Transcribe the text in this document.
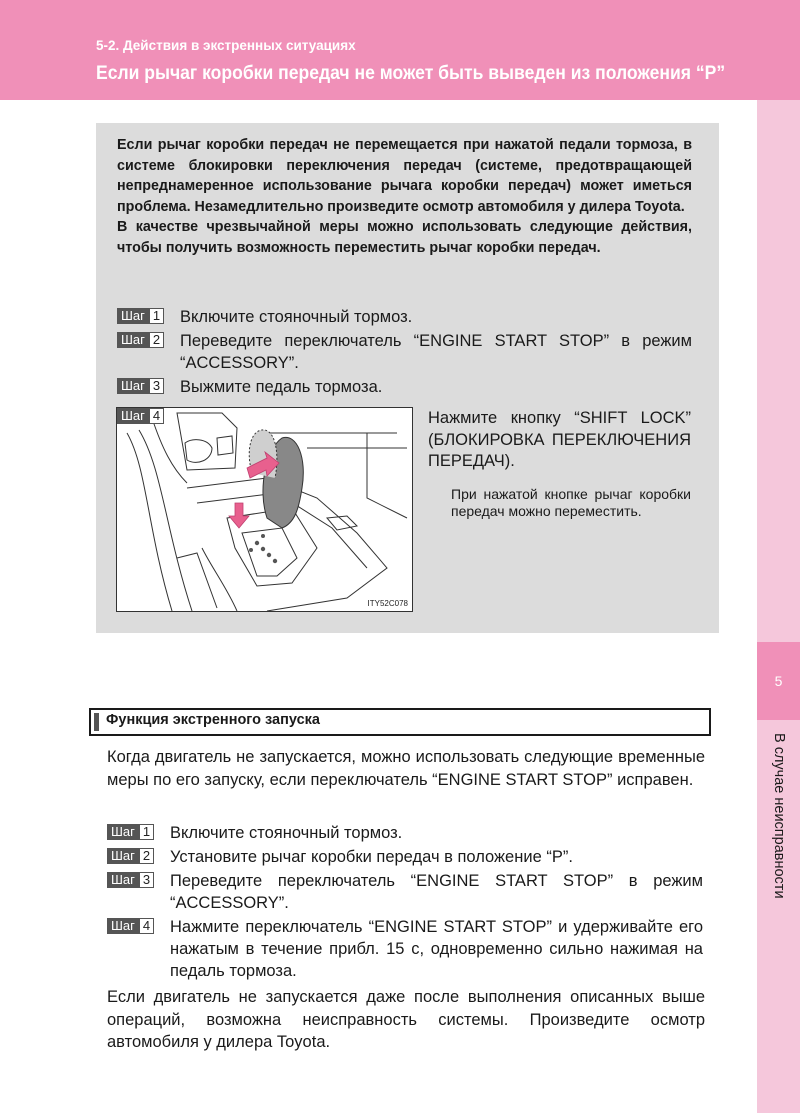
5-2. Действия в экстренных ситуациях
Если рычаг коробки передач не может быть выведен из положения “Р”
5
В случае неисправности

Если рычаг коробки передач не перемещается при нажатой педали тормоза, в системе блокировки переключения передач (системе, предотвращающей непреднамеренное использование рычага коробки передач) может иметься проблема. Незамедлительно произведите осмотр автомобиля у дилера Toyota.

В качестве чрезвычайной меры можно использовать следующие действия, чтобы получить возможность переместить рычаг коробки передач.

Шаг 1 Включите стояночный тормоз.
Шаг 2 Переведите переключатель “ENGINE START STOP” в режим “ACCESSORY”.
Шаг 3 Выжмите педаль тормоза.
Шаг 4
ITY52C078
Нажмите кнопку “SHIFT LOCK” (БЛОКИРОВКА ПЕРЕКЛЮЧЕНИЯ ПЕРЕДАЧ).
При нажатой кнопке рычаг коробки передач можно переместить.
Функция экстренного запуска
Когда двигатель не запускается, можно использовать следующие временные меры по его запуску, если переключатель “ENGINE START STOP” исправен.
Шаг 1 Включите стояночный тормоз.
Шаг 2 Установите рычаг коробки передач в положение “P”.
Шаг 3 Переведите переключатель “ENGINE START STOP” в режим “ACCESSORY”.
Шаг 4 Нажмите переключатель “ENGINE START STOP” и удерживайте его нажатым в течение прибл. 15 с, одновременно сильно нажимая на педаль тормоза.
Если двигатель не запускается даже после выполнения описанных выше операций, возможна неисправность системы. Произведите осмотр автомобиля у дилера Toyota.
